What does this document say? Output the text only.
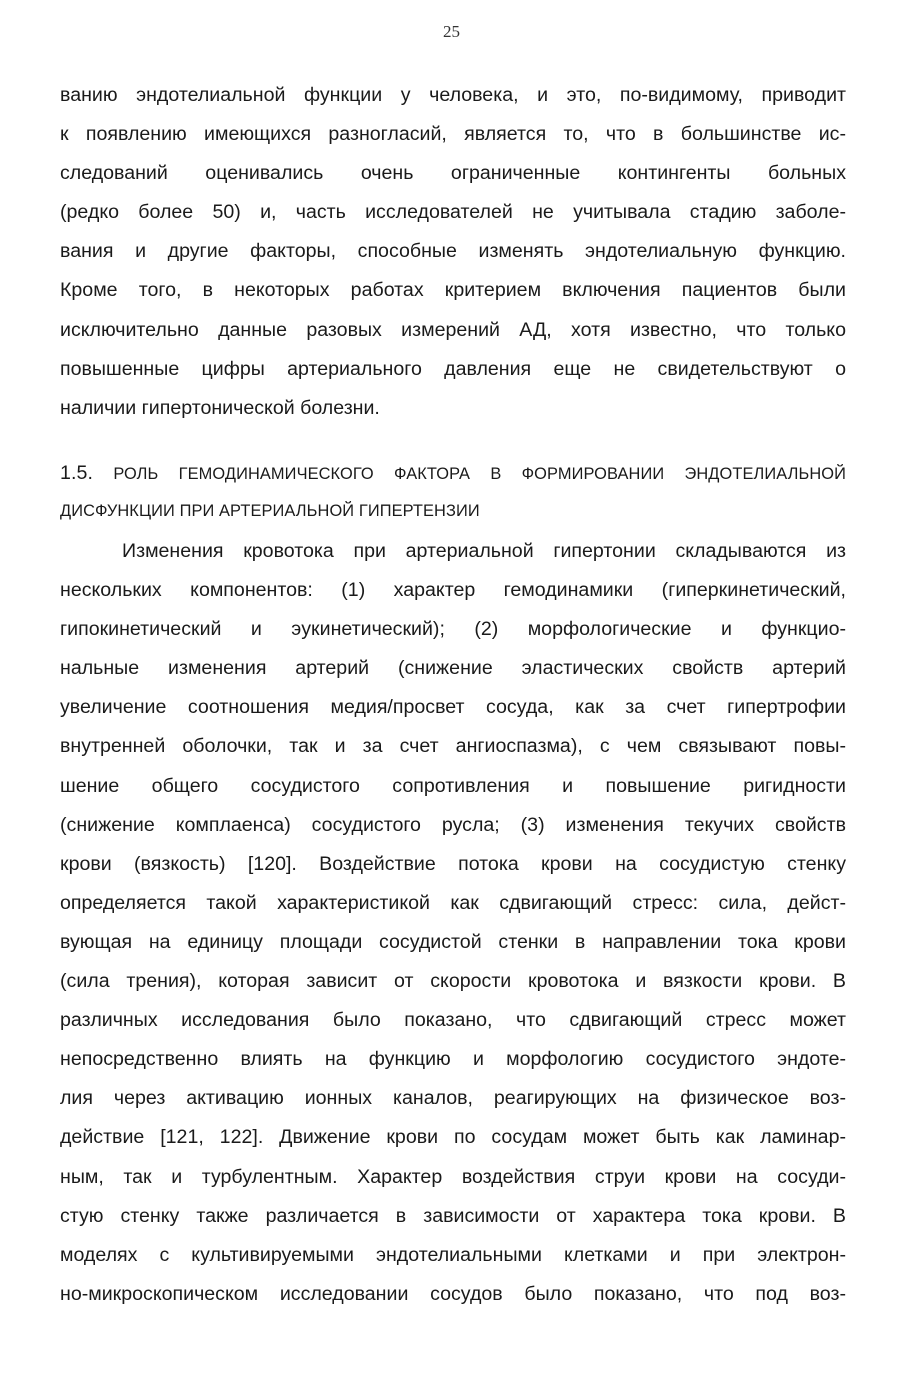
25
ванию эндотелиальной функции у человека, и это, по-видимому, приводит
к появлению имеющихся разногласий, является то, что в большинстве ис-
следований оценивались очень ограниченные контингенты больных
(редко более 50) и, часть исследователей не учитывала стадию заболе-
вания и другие факторы, способные изменять эндотелиальную функцию.
Кроме того, в некоторых работах критерием включения пациентов были
исключительно данные разовых измерений АД, хотя известно, что только
повышенные цифры артериального давления еще не свидетельствуют о
наличии гипертонической болезни.
1.5. РОЛЬ ГЕМОДИНАМИЧЕСКОГО ФАКТОРА В ФОРМИРОВАНИИ ЭНДОТЕЛИАЛЬНОЙ
ДИСФУНКЦИИ ПРИ АРТЕРИАЛЬНОЙ ГИПЕРТЕНЗИИ
Изменения кровотока при артериальной гипертонии складываются из
нескольких компонентов: (1) характер гемодинамики (гиперкинетический,
гипокинетический и эукинетический); (2) морфологические и функцио-
нальные изменения артерий (снижение эластических свойств артерий
увеличение соотношения медия/просвет сосуда, как за счет гипертрофии
внутренней оболочки, так и за счет ангиоспазма), с чем связывают повы-
шение общего сосудистого сопротивления и повышение ригидности
(снижение комплаенса) сосудистого русла; (3) изменения текучих свойств
крови (вязкость) [120]. Воздействие потока крови на сосудистую стенку
определяется такой характеристикой как сдвигающий стресс: сила, дейст-
вующая на единицу площади сосудистой стенки в направлении тока крови
(сила трения), которая зависит от скорости кровотока и вязкости крови. В
различных исследования было показано, что сдвигающий стресс может
непосредственно влиять на функцию и морфологию сосудистого эндоте-
лия через активацию ионных каналов, реагирующих на физическое воз-
действие [121, 122]. Движение крови по сосудам может быть как ламинар-
ным, так и турбулентным. Характер воздействия струи крови на сосуди-
стую стенку также различается в зависимости от характера тока крови. В
моделях с культивируемыми эндотелиальными клетками и при электрон-
но-микроскопическом исследовании сосудов было показано, что под воз-
